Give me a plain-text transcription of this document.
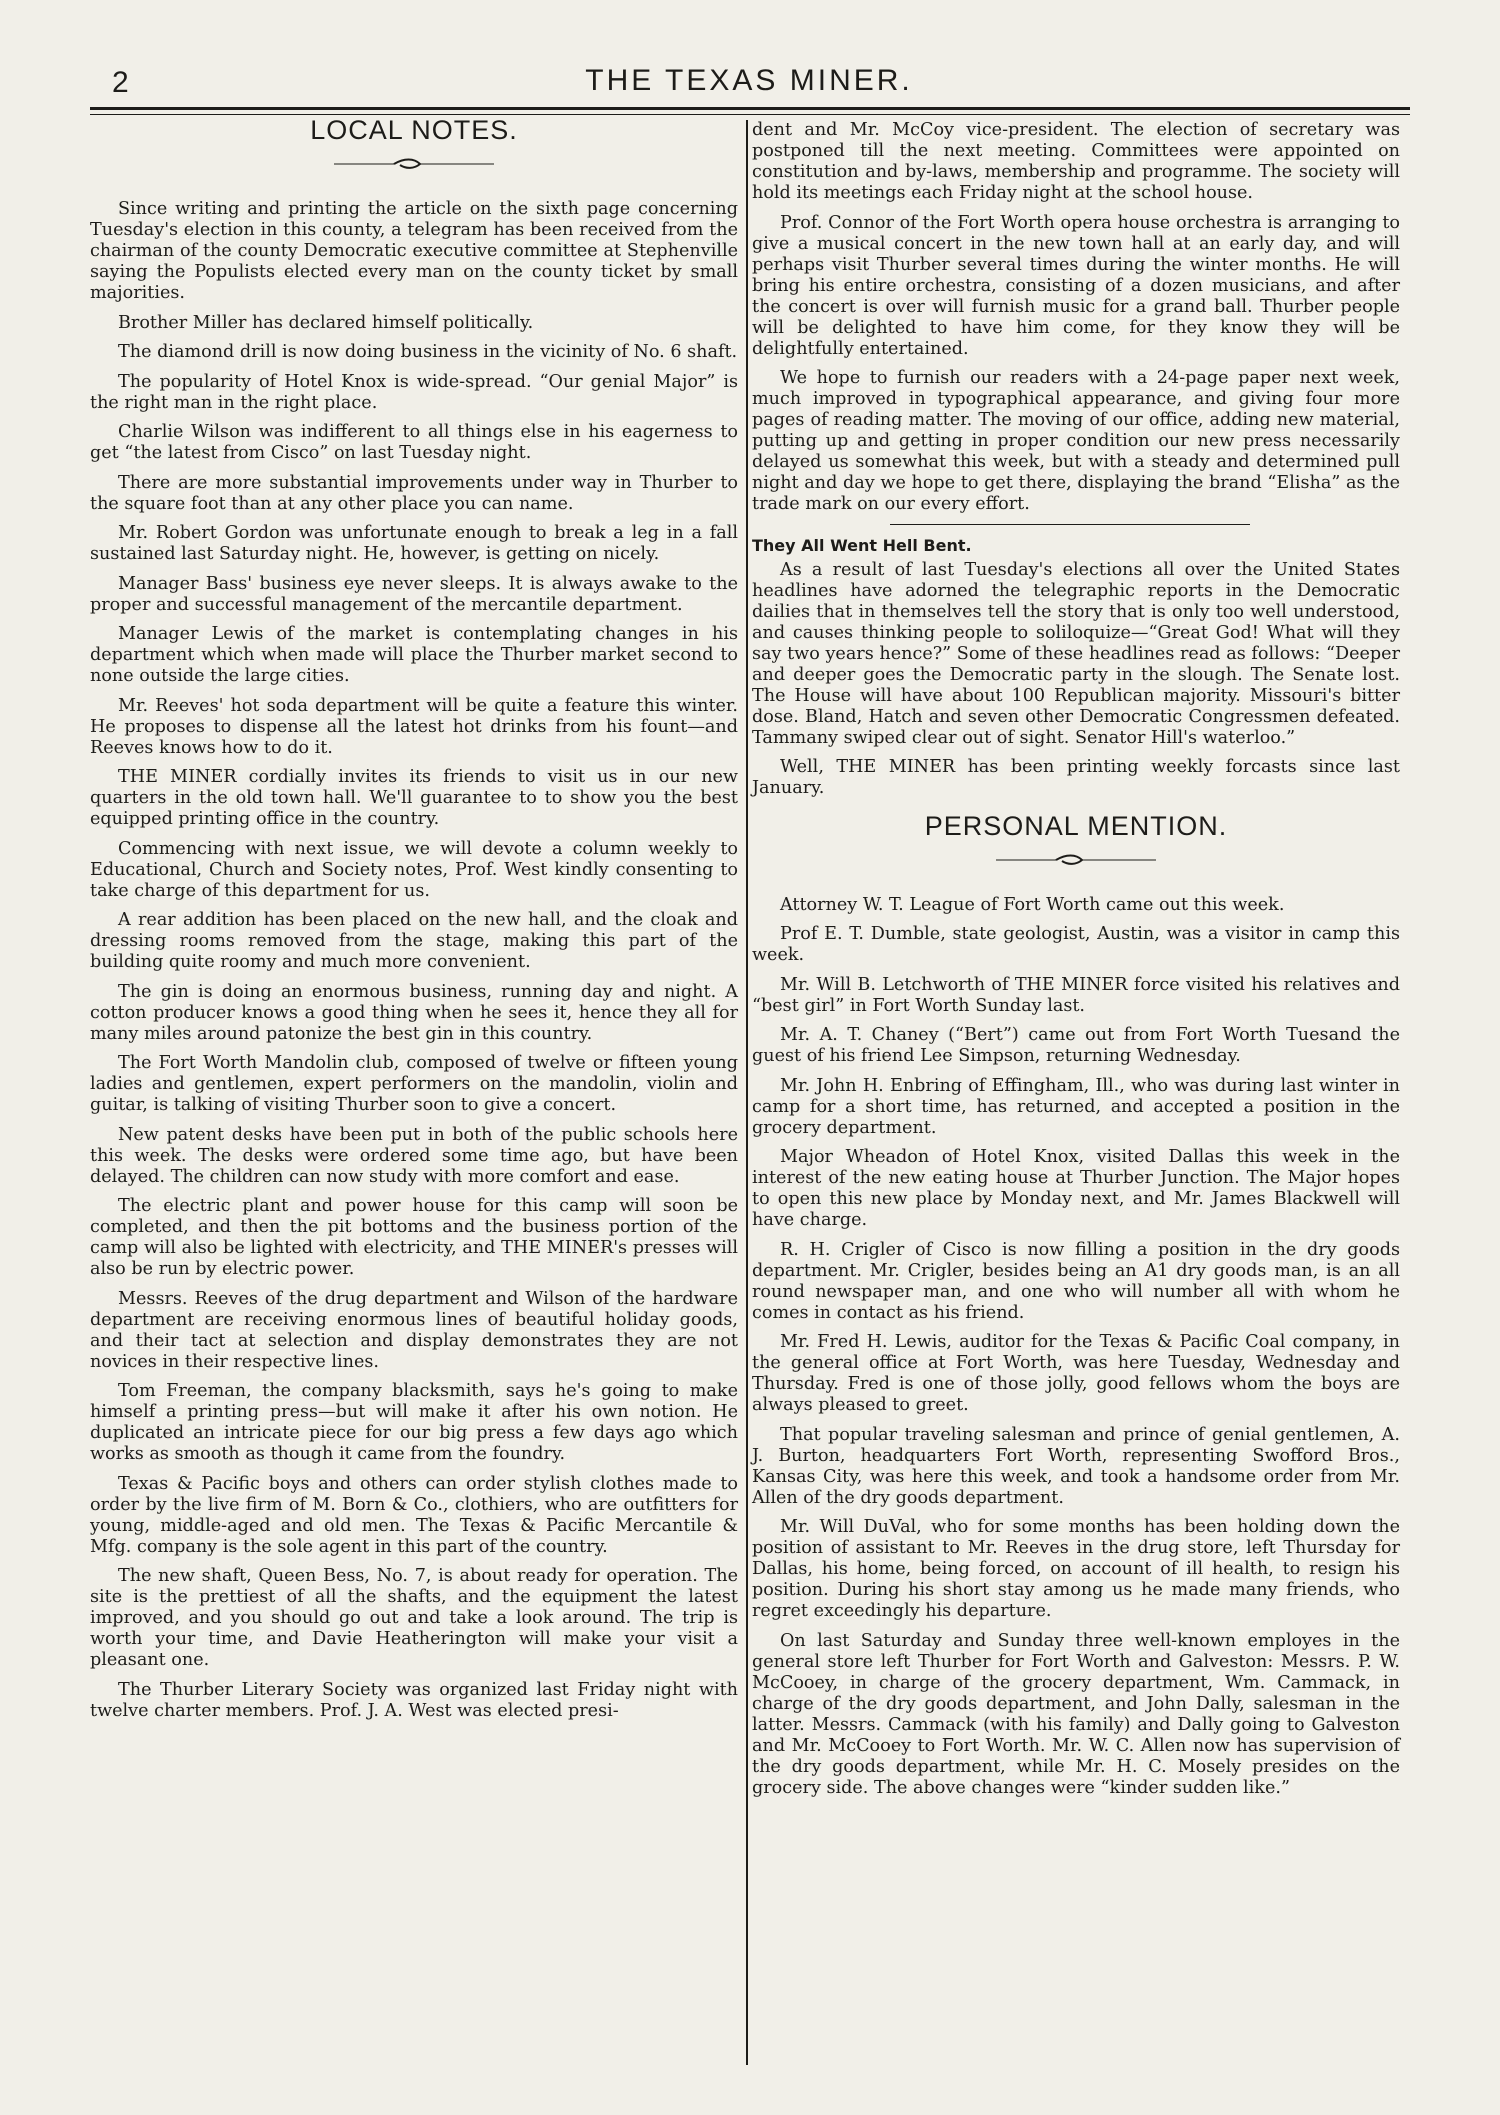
2	THE TEXAS MINER.
LOCAL NOTES.

Since writing and printing the article on the sixth page concerning Tuesday's election in this county, a telegram has been received from the chairman of the county Democratic executive committee at Stephenville saying the Populists elected every man on the county ticket by small majorities.

Brother Miller has declared himself politically.

The diamond drill is now doing business in the vicinity of No. 6 shaft.

The popularity of Hotel Knox is wide-spread. “Our genial Major” is the right man in the right place.

Charlie Wilson was indifferent to all things else in his eagerness to get “the latest from Cisco” on last Tuesday night.

There are more substantial improvements under way in Thurber to the square foot than at any other place you can name.

Mr. Robert Gordon was unfortunate enough to break a leg in a fall sustained last Saturday night. He, however, is getting on nicely.

Manager Bass' business eye never sleeps. It is always awake to the proper and successful management of the mercantile department.

Manager Lewis of the market is contemplating changes in his department which when made will place the Thurber market second to none outside the large cities.

Mr. Reeves' hot soda department will be quite a feature this winter. He proposes to dispense all the latest hot drinks from his fount—and Reeves knows how to do it.

THE MINER cordially invites its friends to visit us in our new quarters in the old town hall. We'll guarantee to to show you the best equipped printing office in the country.

Commencing with next issue, we will devote a column weekly to Educational, Church and Society notes, Prof. West kindly consenting to take charge of this department for us.

A rear addition has been placed on the new hall, and the cloak and dressing rooms removed from the stage, making this part of the building quite roomy and much more convenient.

The gin is doing an enormous business, running day and night. A cotton producer knows a good thing when he sees it, hence they all for many miles around patonize the best gin in this country.

The Fort Worth Mandolin club, composed of twelve or fifteen young ladies and gentlemen, expert performers on the mandolin, violin and guitar, is talking of visiting Thurber soon to give a concert.

New patent desks have been put in both of the public schools here this week. The desks were ordered some time ago, but have been delayed. The children can now study with more comfort and ease.

The electric plant and power house for this camp will soon be completed, and then the pit bottoms and the business portion of the camp will also be lighted with electricity, and THE MINER's presses will also be run by electric power.

Messrs. Reeves of the drug department and Wilson of the hardware department are receiving enormous lines of beautiful holiday goods, and their tact at selection and display demonstrates they are not novices in their respective lines.

Tom Freeman, the company blacksmith, says he's going to make himself a printing press—but will make it after his own notion. He duplicated an intricate piece for our big press a few days ago which works as smooth as though it came from the foundry.

Texas & Pacific boys and others can order stylish clothes made to order by the live firm of M. Born & Co., clothiers, who are outfitters for young, middle-aged and old men. The Texas & Pacific Mercantile & Mfg. company is the sole agent in this part of the country.

The new shaft, Queen Bess, No. 7, is about ready for operation. The site is the prettiest of all the shafts, and the equipment the latest improved, and you should go out and take a look around. The trip is worth your time, and Davie Heatherington will make your visit a pleasant one.

The Thurber Literary Society was organized last Friday night with twelve charter members. Prof. J. A. West was elected presi-

dent and Mr. McCoy vice-president. The election of secretary was postponed till the next meeting. Committees were appointed on constitution and by-laws, membership and programme. The society will hold its meetings each Friday night at the school house.

Prof. Connor of the Fort Worth opera house orchestra is arranging to give a musical concert in the new town hall at an early day, and will perhaps visit Thurber several times during the winter months. He will bring his entire orchestra, consisting of a dozen musicians, and after the concert is over will furnish music for a grand ball. Thurber people will be delighted to have him come, for they know they will be delightfully entertained.

We hope to furnish our readers with a 24-page paper next week, much improved in typographical appearance, and giving four more pages of reading matter. The moving of our office, adding new material, putting up and getting in proper condition our new press necessarily delayed us somewhat this week, but with a steady and determined pull night and day we hope to get there, displaying the brand “Elisha” as the trade mark on our every effort.

They All Went Hell Bent.

As a result of last Tuesday's elections all over the United States headlines have adorned the telegraphic reports in the Democratic dailies that in themselves tell the story that is only too well understood, and causes thinking people to soliloquize—“Great God! What will they say two years hence?” Some of these headlines read as follows: “Deeper and deeper goes the Democratic party in the slough. The Senate lost. The House will have about 100 Republican majority. Missouri's bitter dose. Bland, Hatch and seven other Democratic Congressmen defeated. Tammany swiped clear out of sight. Senator Hill's waterloo.”

Well, THE MINER has been printing weekly forcasts since last January.

PERSONAL MENTION.

Attorney W. T. League of Fort Worth came out this week.

Prof E. T. Dumble, state geologist, Austin, was a visitor in camp this week.

Mr. Will B. Letchworth of THE MINER force visited his relatives and “best girl” in Fort Worth Sunday last.

Mr. A. T. Chaney (“Bert”) came out from Fort Worth Tuesand the guest of his friend Lee Simpson, returning Wednesday.

Mr. John H. Enbring of Effingham, Ill., who was during last winter in camp for a short time, has returned, and accepted a position in the grocery department.

Major Wheadon of Hotel Knox, visited Dallas this week in the interest of the new eating house at Thurber Junction. The Major hopes to open this new place by Monday next, and Mr. James Blackwell will have charge.

R. H. Crigler of Cisco is now filling a position in the dry goods department. Mr. Crigler, besides being an A1 dry goods man, is an all round newspaper man, and one who will number all with whom he comes in contact as his friend.

Mr. Fred H. Lewis, auditor for the Texas & Pacific Coal company, in the general office at Fort Worth, was here Tuesday, Wednesday and Thursday. Fred is one of those jolly, good fellows whom the boys are always pleased to greet.

That popular traveling salesman and prince of genial gentlemen, A. J. Burton, headquarters Fort Worth, representing Swofford Bros., Kansas City, was here this week, and took a handsome order from Mr. Allen of the dry goods department.

Mr. Will DuVal, who for some months has been holding down the position of assistant to Mr. Reeves in the drug store, left Thursday for Dallas, his home, being forced, on account of ill health, to resign his position. During his short stay among us he made many friends, who regret exceedingly his departure.

On last Saturday and Sunday three well-known employes in the general store left Thurber for Fort Worth and Galveston: Messrs. P. W. McCooey, in charge of the grocery department, Wm. Cammack, in charge of the dry goods department, and John Dally, salesman in the latter. Messrs. Cammack (with his family) and Dally going to Galveston and Mr. McCooey to Fort Worth. Mr. W. C. Allen now has supervision of the dry goods department, while Mr. H. C. Mosely presides on the grocery side. The above changes were “kinder sudden like.”
